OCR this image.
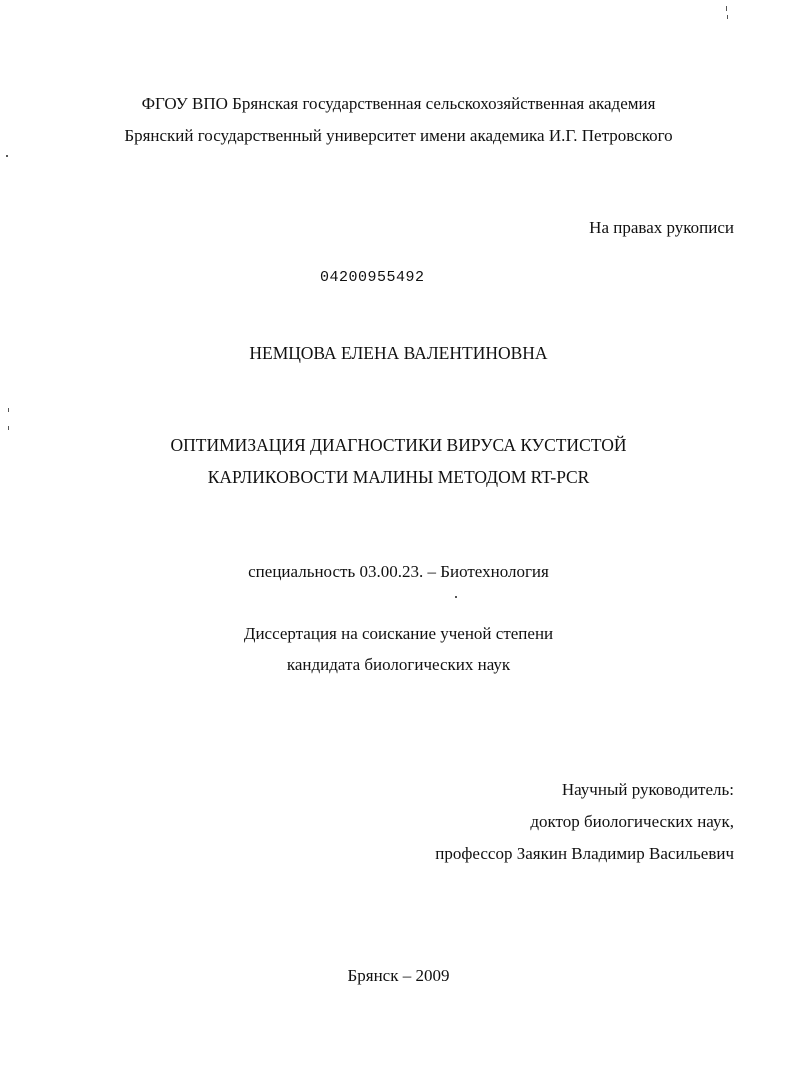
ФГОУ ВПО Брянская государственная сельскохозяйственная академия
Брянский государственный университет имени академика И.Г. Петровского
На правах рукописи
04200955492
НЕМЦОВА ЕЛЕНА ВАЛЕНТИНОВНА
ОПТИМИЗАЦИЯ ДИАГНОСТИКИ ВИРУСА КУСТИСТОЙ
КАРЛИКОВОСТИ МАЛИНЫ МЕТОДОМ RT-PCR
специальность 03.00.23. – Биотехнология
Диссертация на соискание ученой степени
кандидата биологических наук
Научный руководитель:
доктор биологических наук,
профессор Заякин Владимир Васильевич
Брянск – 2009
